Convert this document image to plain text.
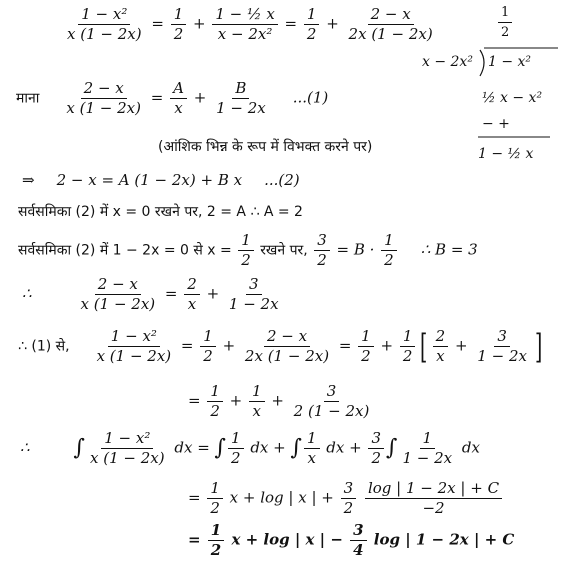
$\frac{\text{1 − x²}}{x (1 - 2x)} = \frac{1}{2} + \frac{\text{1 − ½ x}}{\text{x − 2x²}} = \frac{1}{2} + \frac{2 - x}{2x (1 - 2x)}$
माना $\frac{2 - x}{x (1 - 2x)} = \frac{A}{x} + \frac{B}{1 - 2x} ...(1)$
(आंशिक भिन्न के रूप में विभक्त करने पर)
⇒ 2 − x = A (1 − 2x) + B x ...(2)
सर्वसमिका (2) में x = 0 रखने पर, 2 = A ∴ A = 2
सर्वसमिका (2) में 1 − 2x = 0 से $x = \frac{1}{2}$ रखने पर, $\frac{3}{2} = B \cdot \frac{1}{2}$ ∴ B = 3
∴	$\frac{2 - x}{x (1 - 2x)} = \frac{2}{x} + \frac{3}{1 - 2x}$
∴ (1) से, $\frac{\text{1 − x²}}{x (1 - 2x)} = \frac{1}{2} + \frac{2 - x}{2x (1 - 2x)} = \frac{1}{2} + \frac{1}{2}$ [ $\frac{2}{x} + \frac{3}{1 - 2x}$ ]
= $\frac{1}{2} + \frac{1}{x} + \frac{3}{2 (1 - 2x)}$
∴ ∫ $\frac{\text{1 − x²}}{x (1 - 2x)}$ dx = ∫ $\frac{1}{2}$ dx + ∫ $\frac{1}{x}$ dx + $\frac{3}{2}$ ∫ $\frac{1}{1 - 2x}$ dx
= $\frac{1}{2}$ x + log | x | + $\frac{3}{2}$
$\frac{\log | 1 - 2x | + C}{-2}$
= $\frac{1}{2}$ x + log | x | − $\frac{3}{4}$ log | 1 − 2x | + C
1
2
x − 2x² 1 − x²
½ x − x²
− +
1 − ½ x
